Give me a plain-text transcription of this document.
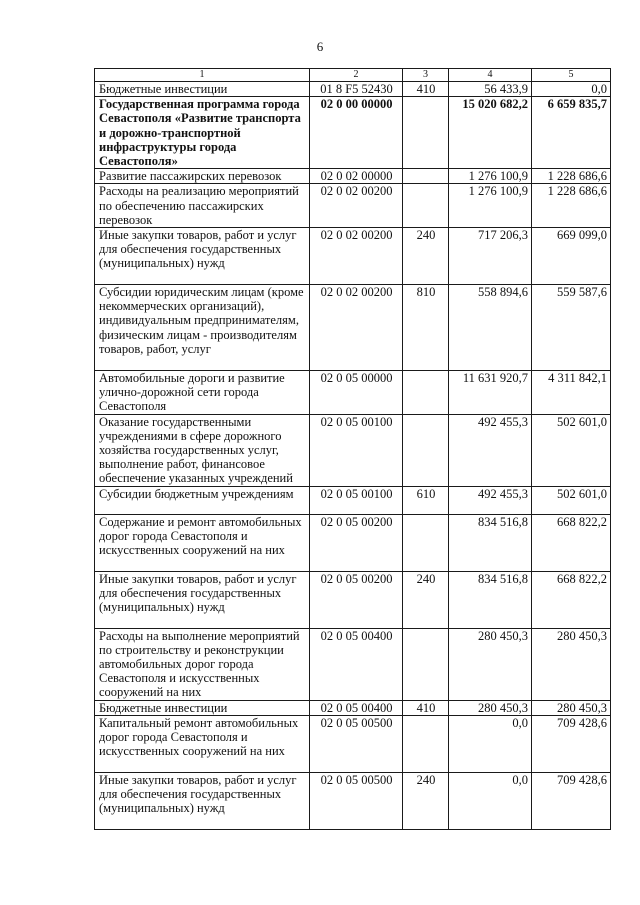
6
1	2	3	4	5
Бюджетные инвестиции	01 8 F5 52430	410	56 433,9	0,0
Государственная программа города Севастополя «Развитие транспорта и дорожно-транспортной инфраструктуры города Севастополя»	02 0 00 00000		15 020 682,2	6 659 835,7
Развитие пассажирских перевозок	02 0 02 00000		1 276 100,9	1 228 686,6
Расходы на реализацию мероприятий по обеспечению пассажирских перевозок	02 0 02 00200		1 276 100,9	1 228 686,6
Иные закупки товаров, работ и услуг для обеспечения государственных (муниципальных) нужд	02 0 02 00200	240	717 206,3	669 099,0
Субсидии юридическим лицам (кроме некоммерческих организаций), индивидуальным предпринимателям, физическим лицам - производителям товаров, работ, услуг	02 0 02 00200	810	558 894,6	559 587,6
Автомобильные дороги и развитие улично-дорожной сети города Севастополя	02 0 05 00000		11 631 920,7	4 311 842,1
Оказание государственными учреждениями в сфере дорожного хозяйства государственных услуг, выполнение работ, финансовое обеспечение указанных учреждений	02 0 05 00100		492 455,3	502 601,0
Субсидии бюджетным учреждениям	02 0 05 00100	610	492 455,3	502 601,0
Содержание и ремонт автомобильных дорог города Севастополя и искусственных сооружений на них	02 0 05 00200		834 516,8	668 822,2
Иные закупки товаров, работ и услуг для обеспечения государственных (муниципальных) нужд	02 0 05 00200	240	834 516,8	668 822,2
Расходы на выполнение мероприятий по строительству и реконструкции автомобильных дорог города Севастополя и искусственных сооружений на них	02 0 05 00400		280 450,3	280 450,3
Бюджетные инвестиции	02 0 05 00400	410	280 450,3	280 450,3
Капитальный ремонт автомобильных дорог города Севастополя и искусственных сооружений на них	02 0 05 00500		0,0	709 428,6
Иные закупки товаров, работ и услуг для обеспечения государственных (муниципальных) нужд	02 0 05 00500	240	0,0	709 428,6
